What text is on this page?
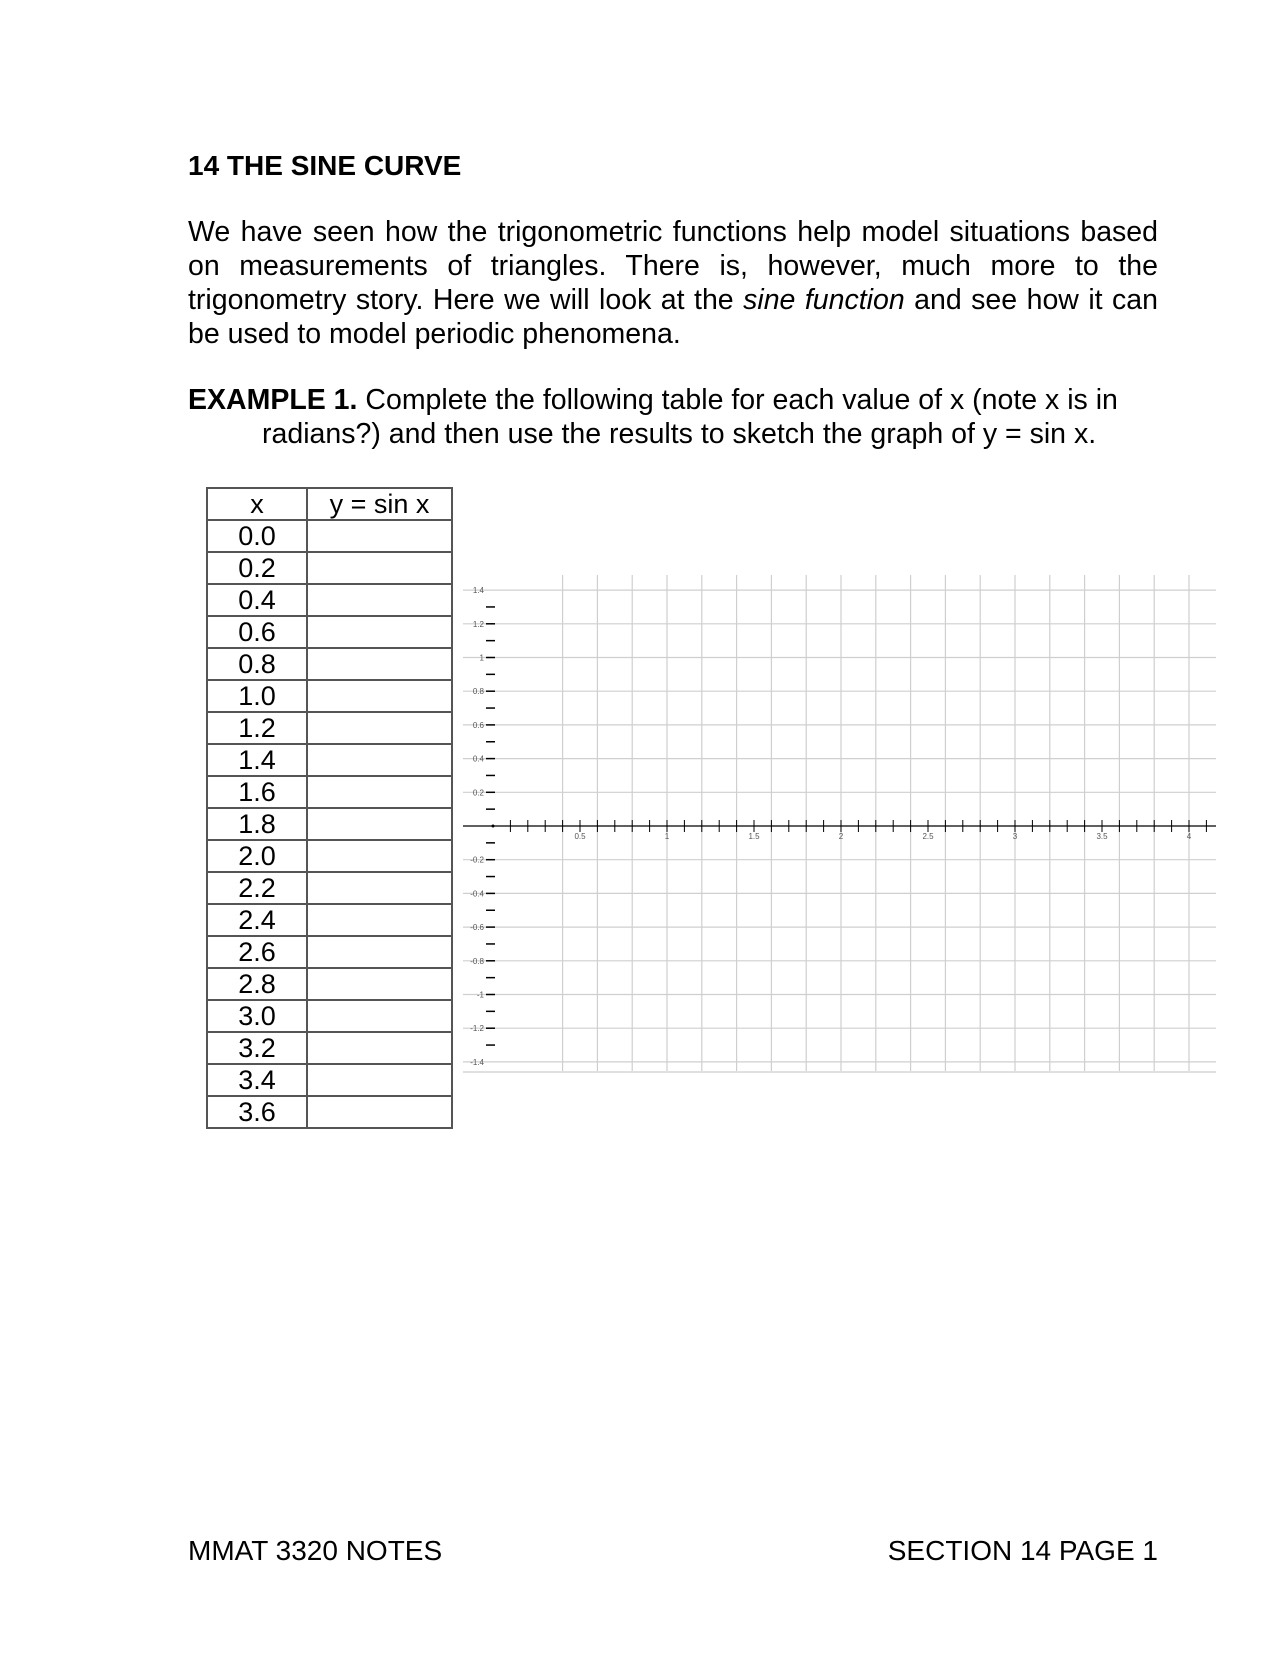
14 THE SINE CURVE
We have seen how the trigonometric functions help model situations based on measurements of triangles. There is, however, much more to the trigonometry story. Here we will look at the sine function and see how it can be used to model periodic phenomena.
EXAMPLE 1. Complete the following table for each value of x (note x is in
radians?) and then use the results to sketch the graph of y = sin x.
x	y = sin x
0.0	
0.2	
0.4	
0.6	
0.8	
1.0	
1.2	
1.4	
1.6	
1.8	
2.0	
2.2	
2.4	
2.6	
2.8	
3.0	
3.2	
3.4	
3.6	
0.5	1	1.5	2	2.5	3	3.5	4
1.4
1.2
1
0.8
0.6
0.4
0.2
-0.2
-0.4
-0.6
-0.8
-1
-1.2
-1.4
MMAT 3320 NOTES	SECTION 14 PAGE 1
